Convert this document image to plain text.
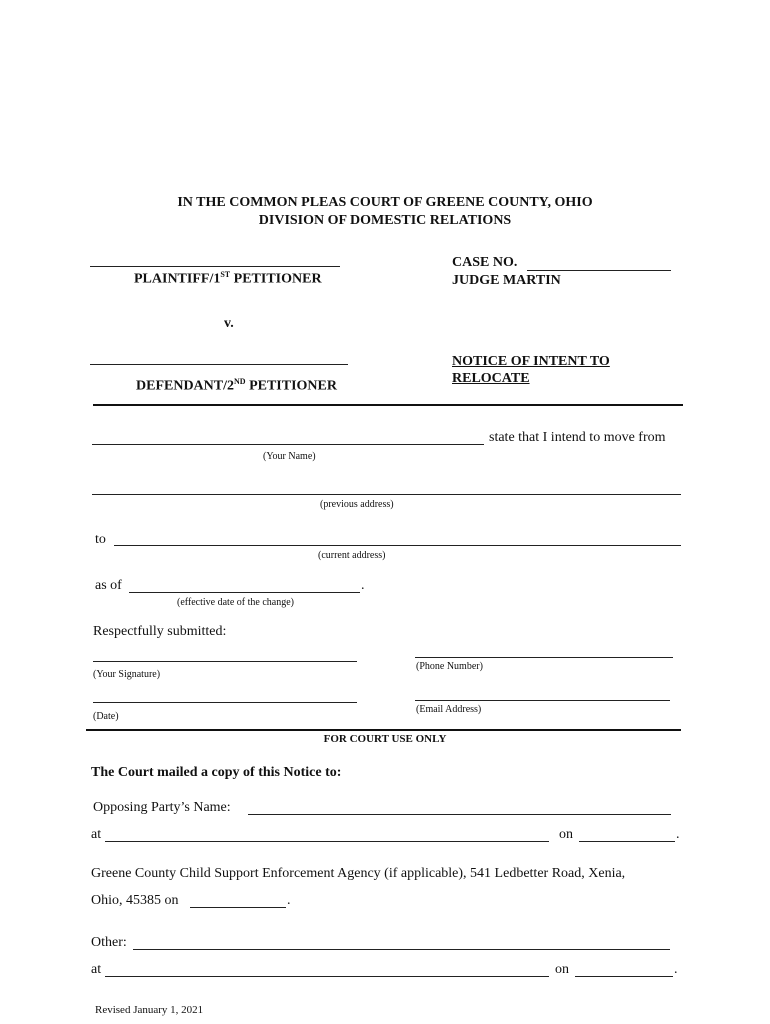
IN THE COMMON PLEAS COURT OF GREENE COUNTY, OHIO
DIVISION OF DOMESTIC RELATIONS
PLAINTIFF/1ST PETITIONER
v.
DEFENDANT/2ND PETITIONER
CASE NO.
JUDGE MARTIN
NOTICE OF INTENT TO
RELOCATE
state that I intend to move from
(Your Name)
(previous address)
to
(current address)
as of	.
(effective date of the change)
Respectfully submitted:
(Your Signature)
(Phone Number)
(Date)
(Email Address)
FOR COURT USE ONLY
The Court mailed a copy of this Notice to:
Opposing Party’s Name:
at	on	.
Greene County Child Support Enforcement Agency (if applicable), 541 Ledbetter Road, Xenia,
Ohio, 45385 on	.
Other:
at	on	.
Revised January 1, 2021
